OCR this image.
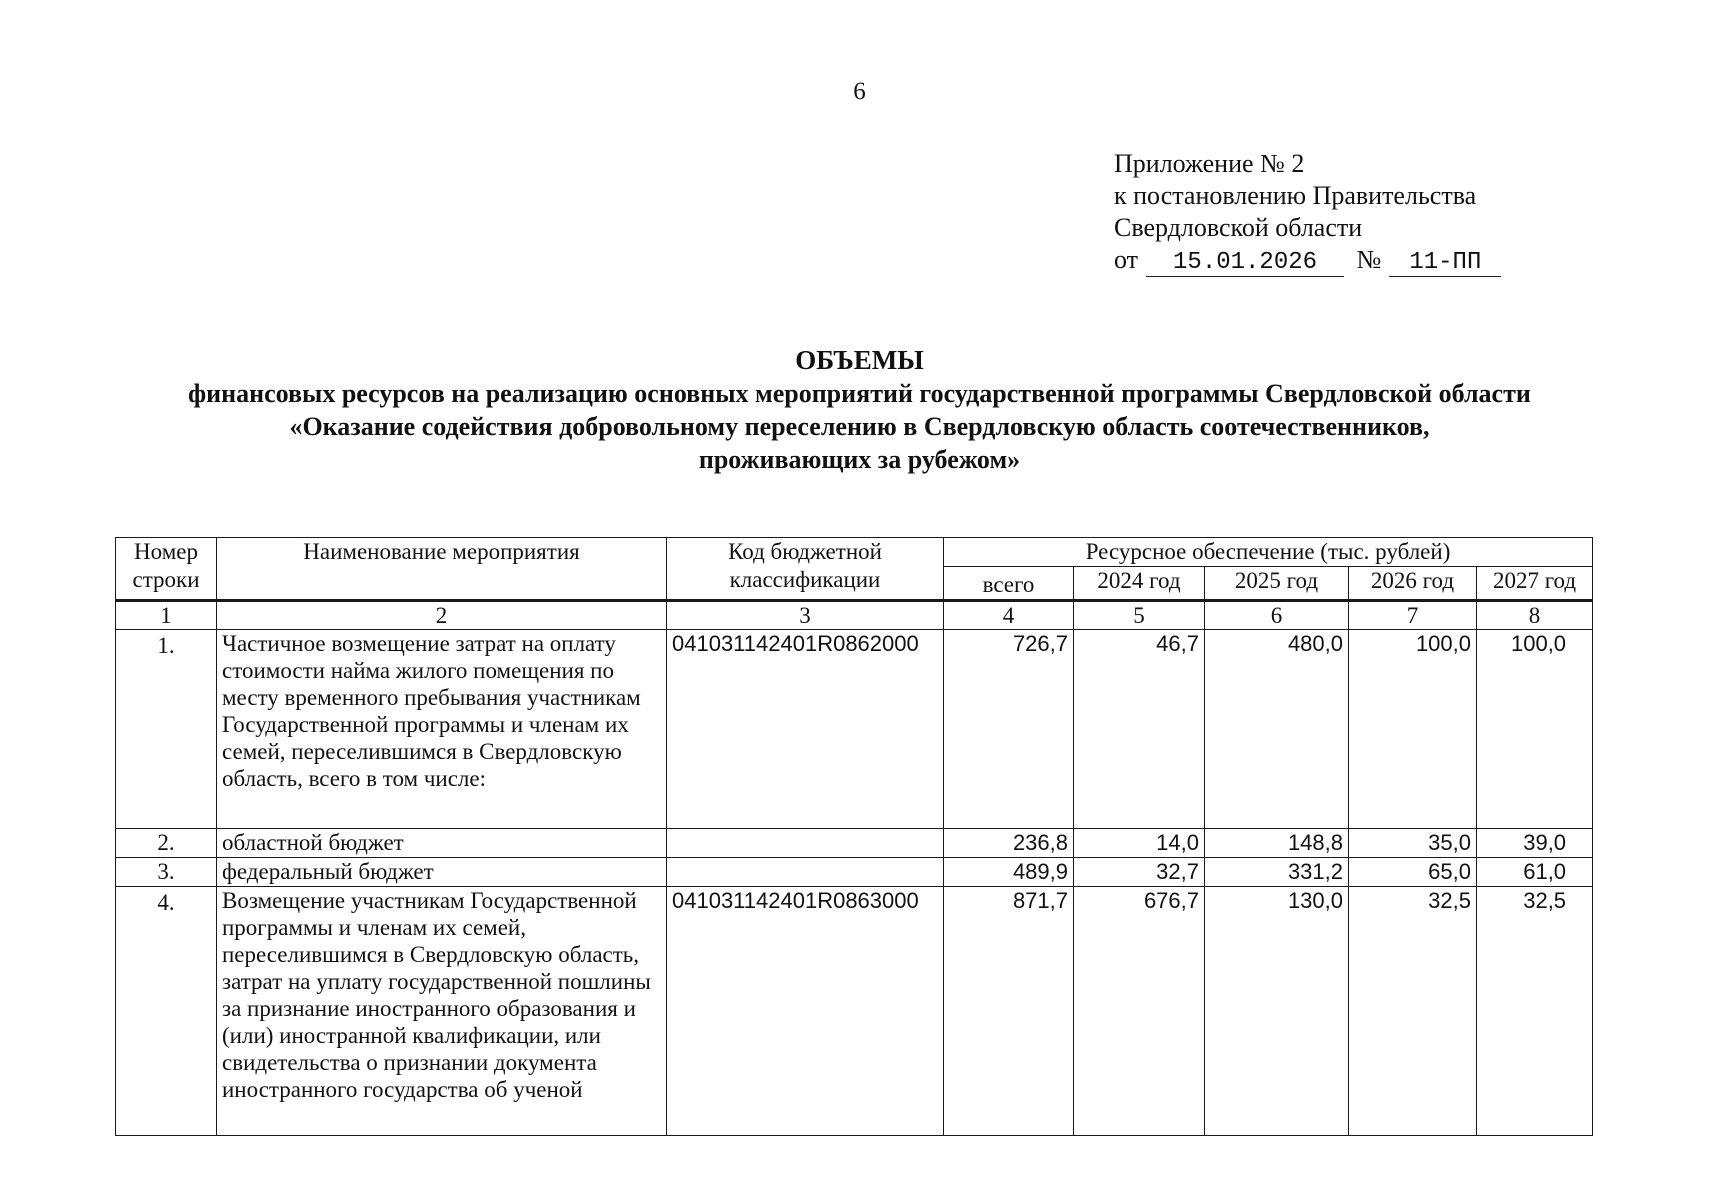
6
Приложение № 2
к постановлению Правительства
Свердловской области
от 15.01.2026 № 11-ПП
ОБЪЕМЫ
финансовых ресурсов на реализацию основных мероприятий государственной программы Свердловской области
«Оказание содействия добровольному переселению в Свердловскую область соотечественников,
проживающих за рубежом»
Номер строки	Наименование мероприятия	Код бюджетной классификации	Ресурсное обеспечение (тыс. рублей)				
			всего	2024 год	2025 год	2026 год	2027 год
1	2	3	4	5	6	7	8
1.	Частичное возмещение затрат на оплату стоимости найма жилого помещения по месту временного пребывания участникам Государственной программы и членам их семей, переселившимся в Свердловскую область, всего в том числе:	041031142401R0862000	726,7	46,7	480,0	100,0	100,0
2.	областной бюджет		236,8	14,0	148,8	35,0	39,0
3.	федеральный бюджет		489,9	32,7	331,2	65,0	61,0
4.	Возмещение участникам Государственной программы и членам их семей, переселившимся в Свердловскую область, затрат на уплату государственной пошлины за признание иностранного образования и (или) иностранной квалификации, или свидетельства о признании документа иностранного государства об ученой	041031142401R0863000	871,7	676,7	130,0	32,5	32,5
